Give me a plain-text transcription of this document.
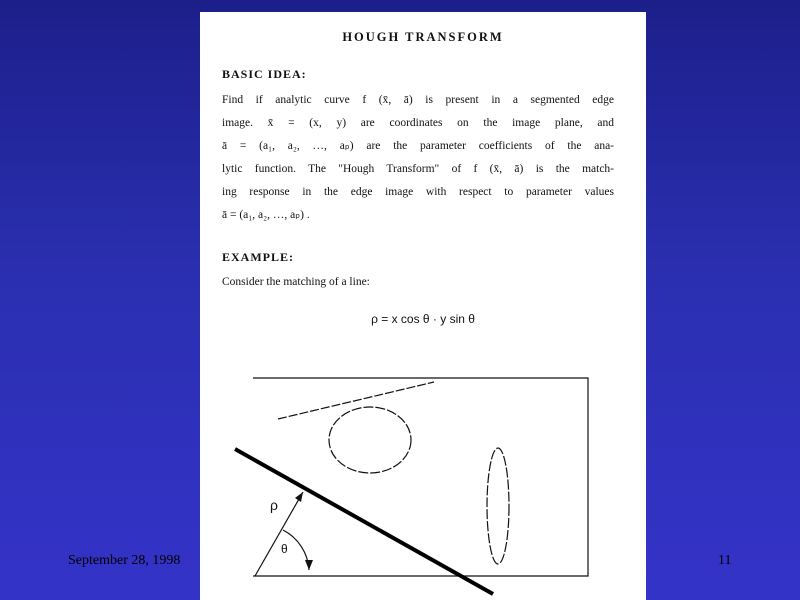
HOUGH TRANSFORM
BASIC IDEA:
Find if analytic curve f (x̄, ā) is present in a segmented edge
image. x̄ = (x, y) are coordinates on the image plane, and
ā = (a₁, a₂, …, aₚ) are the parameter coefficients of the ana-
lytic function. The "Hough Transform" of f (x̄, ā) is the match-
ing response in the edge image with respect to parameter values
ā = (a₁, a₂, …, aₚ) .
EXAMPLE:
Consider the matching of a line:
ρ = x cos θ · y sin θ
ρ
θ
September 28, 1998	11
